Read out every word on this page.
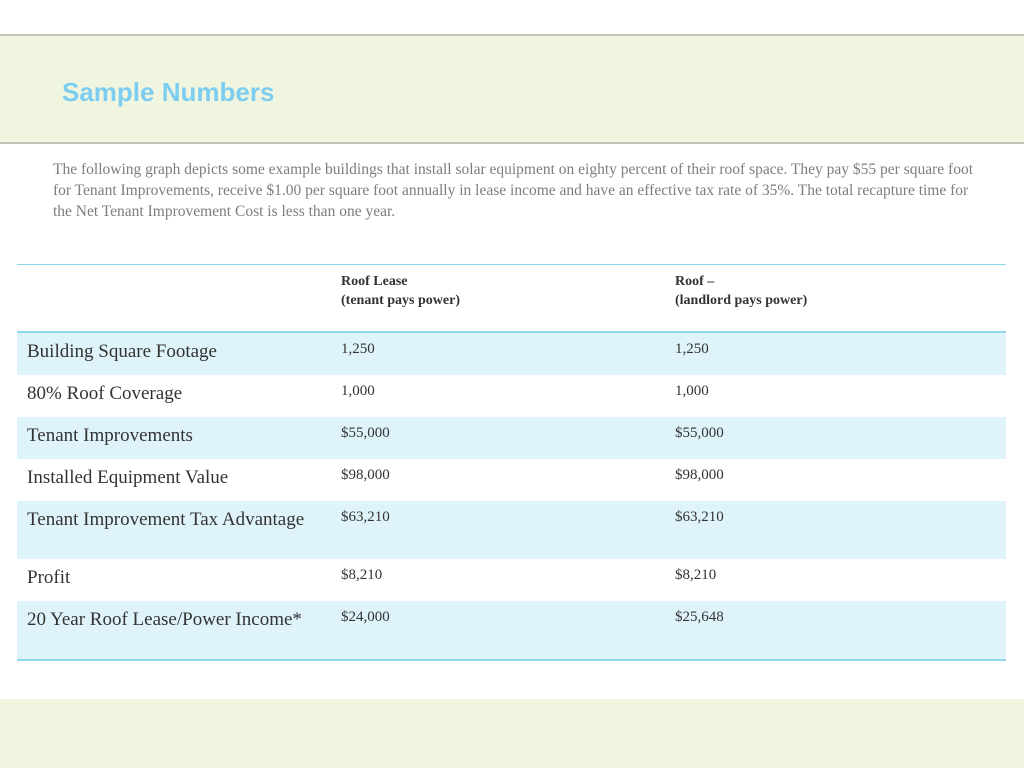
Sample Numbers

The following graph depicts some example buildings that install solar equipment on eighty percent of their roof space. They pay $55 per square foot for Tenant Improvements, receive $1.00 per square foot annually in lease income and have an effective tax rate of 35%. The total recapture time for the Net Tenant Improvement Cost is less than one year.

Roof Lease
(tenant pays power)
Roof –
(landlord pays power)
Building Square Footage	1,250	1,250
80% Roof Coverage	1,000	1,000
Tenant Improvements	$55,000	$55,000
Installed Equipment Value	$98,000	$98,000
Tenant Improvement Tax Advantage $63,210	$63,210
Profit	$8,210	$8,210
20 Year Roof Lease/Power Income*	$24,000	$25,648
